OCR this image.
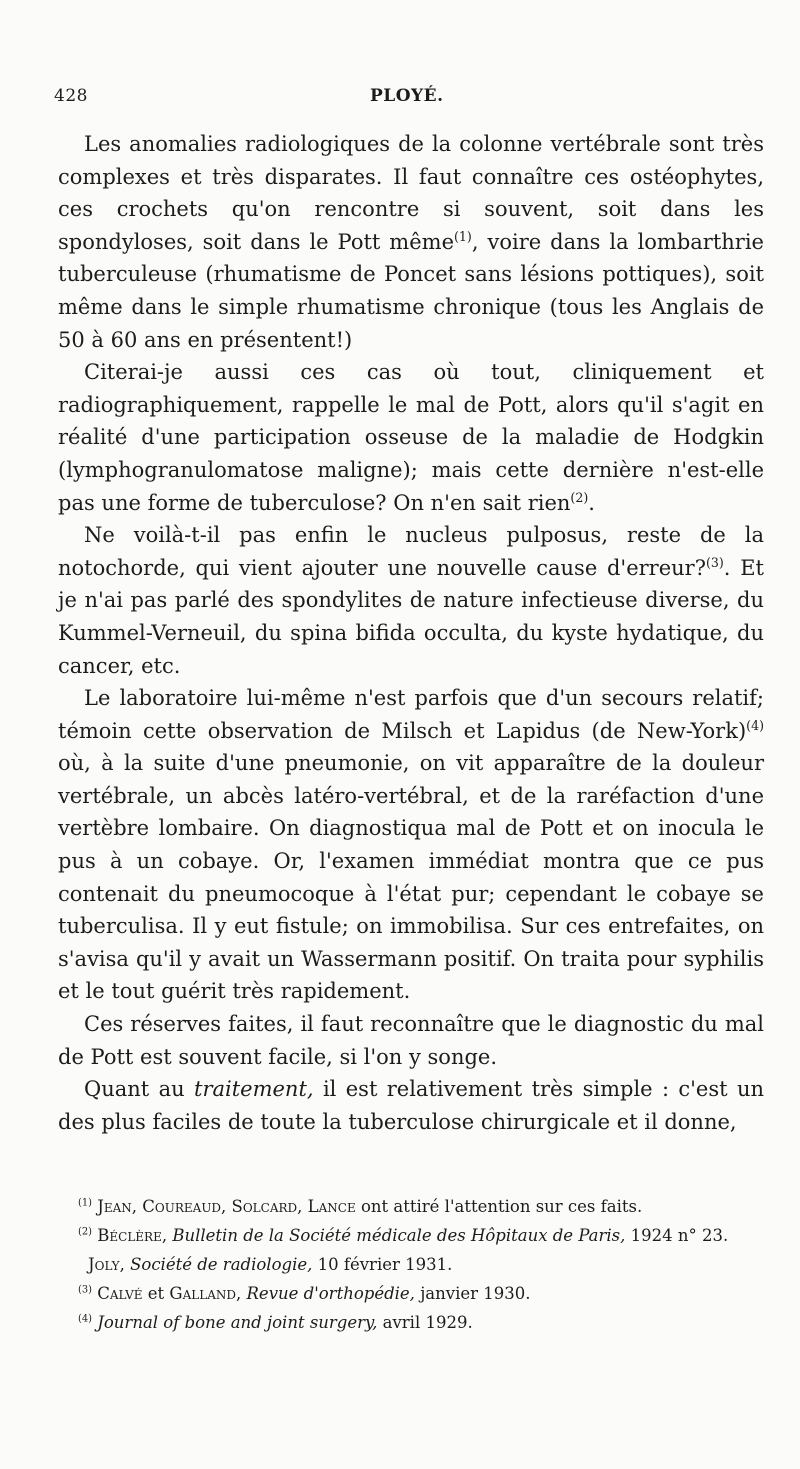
428	PLOYÉ.

Les anomalies radiologiques de la colonne vertébrale sont très complexes et très disparates. Il faut connaître ces ostéophytes, ces crochets qu'on rencontre si souvent, soit dans les spondyloses, soit dans le Pott même$^{(1)}$, voire dans la lombarthrie tuberculeuse (rhumatisme de Poncet sans lésions pottiques), soit même dans le simple rhumatisme chronique (tous les Anglais de 50 à 60 ans en présentent!)

Citerai-je aussi ces cas où tout, cliniquement et radiographiquement, rappelle le mal de Pott, alors qu'il s'agit en réalité d'une participation osseuse de la maladie de Hodgkin (lymphogranulomatose maligne); mais cette dernière n'est-elle pas une forme de tuberculose? On n'en sait rien$^{(2)}$.

Ne voilà-t-il pas enfin le nucleus pulposus, reste de la notochorde, qui vient ajouter une nouvelle cause d'erreur?$^{(3)}$. Et je n'ai pas parlé des spondylites de nature infectieuse diverse, du Kummel-Verneuil, du spina bifida occulta, du kyste hydatique, du cancer, etc.

Le laboratoire lui-même n'est parfois que d'un secours relatif; témoin cette observation de Milsch et Lapidus (de New-York)$^{(4)}$ où, à la suite d'une pneumonie, on vit apparaître de la douleur vertébrale, un abcès latéro-vertébral, et de la raréfaction d'une vertèbre lombaire. On diagnostiqua mal de Pott et on inocula le pus à un cobaye. Or, l'examen immédiat montra que ce pus contenait du pneumocoque à l'état pur; cependant le cobaye se tuberculisa. Il y eut fistule; on immobilisa. Sur ces entrefaites, on s'avisa qu'il y avait un Wassermann positif. On traita pour syphilis et le tout guérit très rapidement.

Ces réserves faites, il faut reconnaître que le diagnostic du mal de Pott est souvent facile, si l'on y songe.

Quant au traitement, il est relativement très simple : c'est un des plus faciles de toute la tuberculose chirurgicale et il donne,

$^{(1)}$ Jean, Coureaud, Solcard, Lance ont attiré l'attention sur ces faits.

$^{(2)}$ Béclère, Bulletin de la Société médicale des Hôpitaux de Paris, 1924 n° 23.

Joly, Société de radiologie, 10 février 1931.

$^{(3)}$ Calvé et Galland, Revue d'orthopédie, janvier 1930.

$^{(4)}$ Journal of bone and joint surgery, avril 1929.
